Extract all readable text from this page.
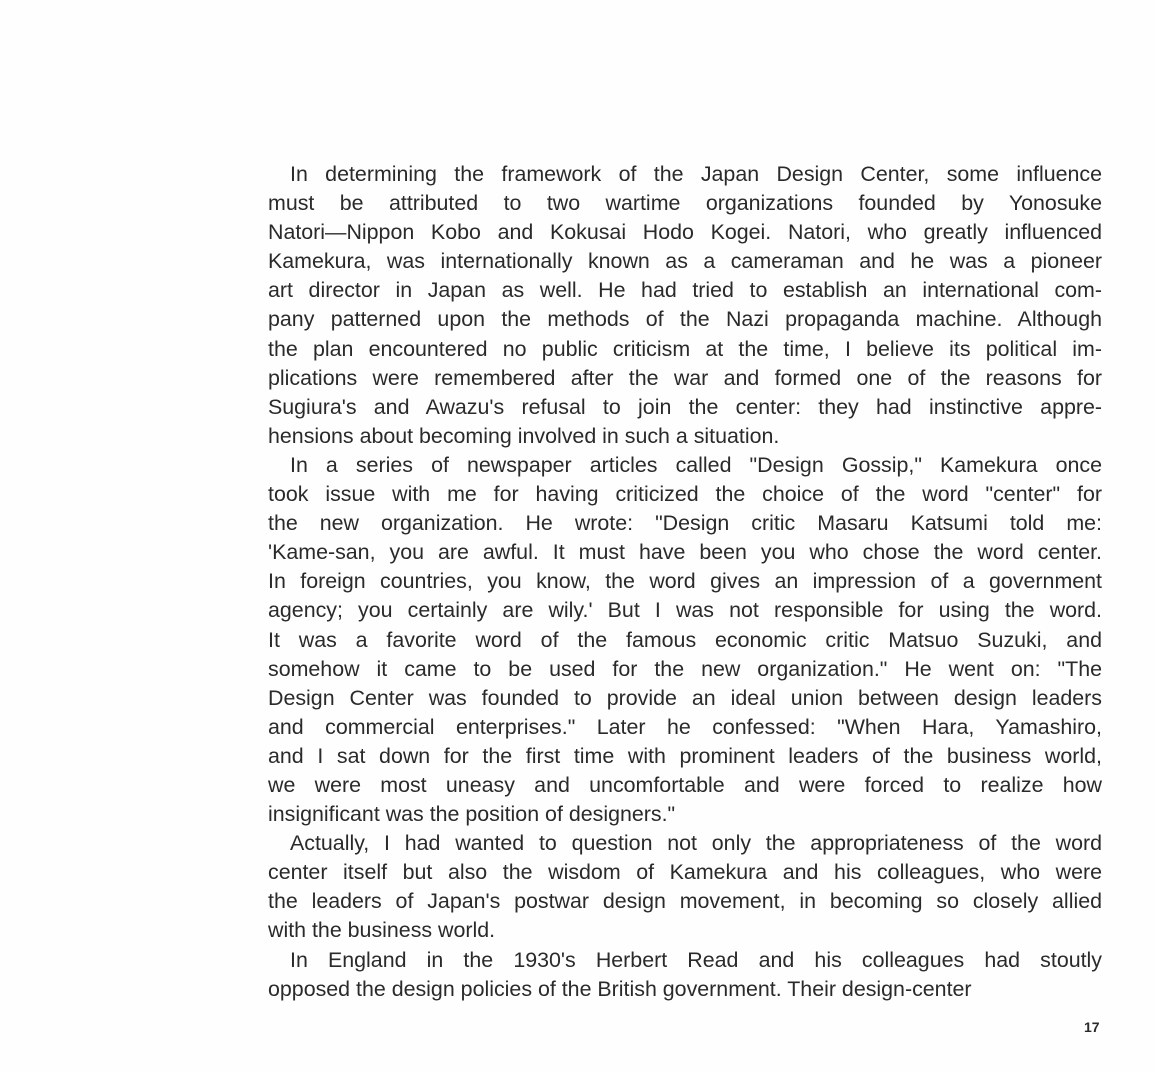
In determining the framework of the Japan Design Center, some influence
must be attributed to two wartime organizations founded by Yonosuke
Natori—Nippon Kobo and Kokusai Hodo Kogei. Natori, who greatly influenced
Kamekura, was internationally known as a cameraman and he was a pioneer
art director in Japan as well. He had tried to establish an international com-
pany patterned upon the methods of the Nazi propaganda machine. Although
the plan encountered no public criticism at the time, I believe its political im-
plications were remembered after the war and formed one of the reasons for
Sugiura's and Awazu's refusal to join the center: they had instinctive appre-
hensions about becoming involved in such a situation.

In a series of newspaper articles called "Design Gossip," Kamekura once
took issue with me for having criticized the choice of the word "center" for
the new organization. He wrote: "Design critic Masaru Katsumi told me:
'Kame-san, you are awful. It must have been you who chose the word center.
In foreign countries, you know, the word gives an impression of a government
agency; you certainly are wily.' But I was not responsible for using the word.
It was a favorite word of the famous economic critic Matsuo Suzuki, and
somehow it came to be used for the new organization." He went on: "The
Design Center was founded to provide an ideal union between design leaders
and commercial enterprises." Later he confessed: "When Hara, Yamashiro,
and I sat down for the first time with prominent leaders of the business world,
we were most uneasy and uncomfortable and were forced to realize how
insignificant was the position of designers."

Actually, I had wanted to question not only the appropriateness of the word
center itself but also the wisdom of Kamekura and his colleagues, who were
the leaders of Japan's postwar design movement, in becoming so closely allied
with the business world.

In England in the 1930's Herbert Read and his colleagues had stoutly
opposed the design policies of the British government. Their design-center

17
